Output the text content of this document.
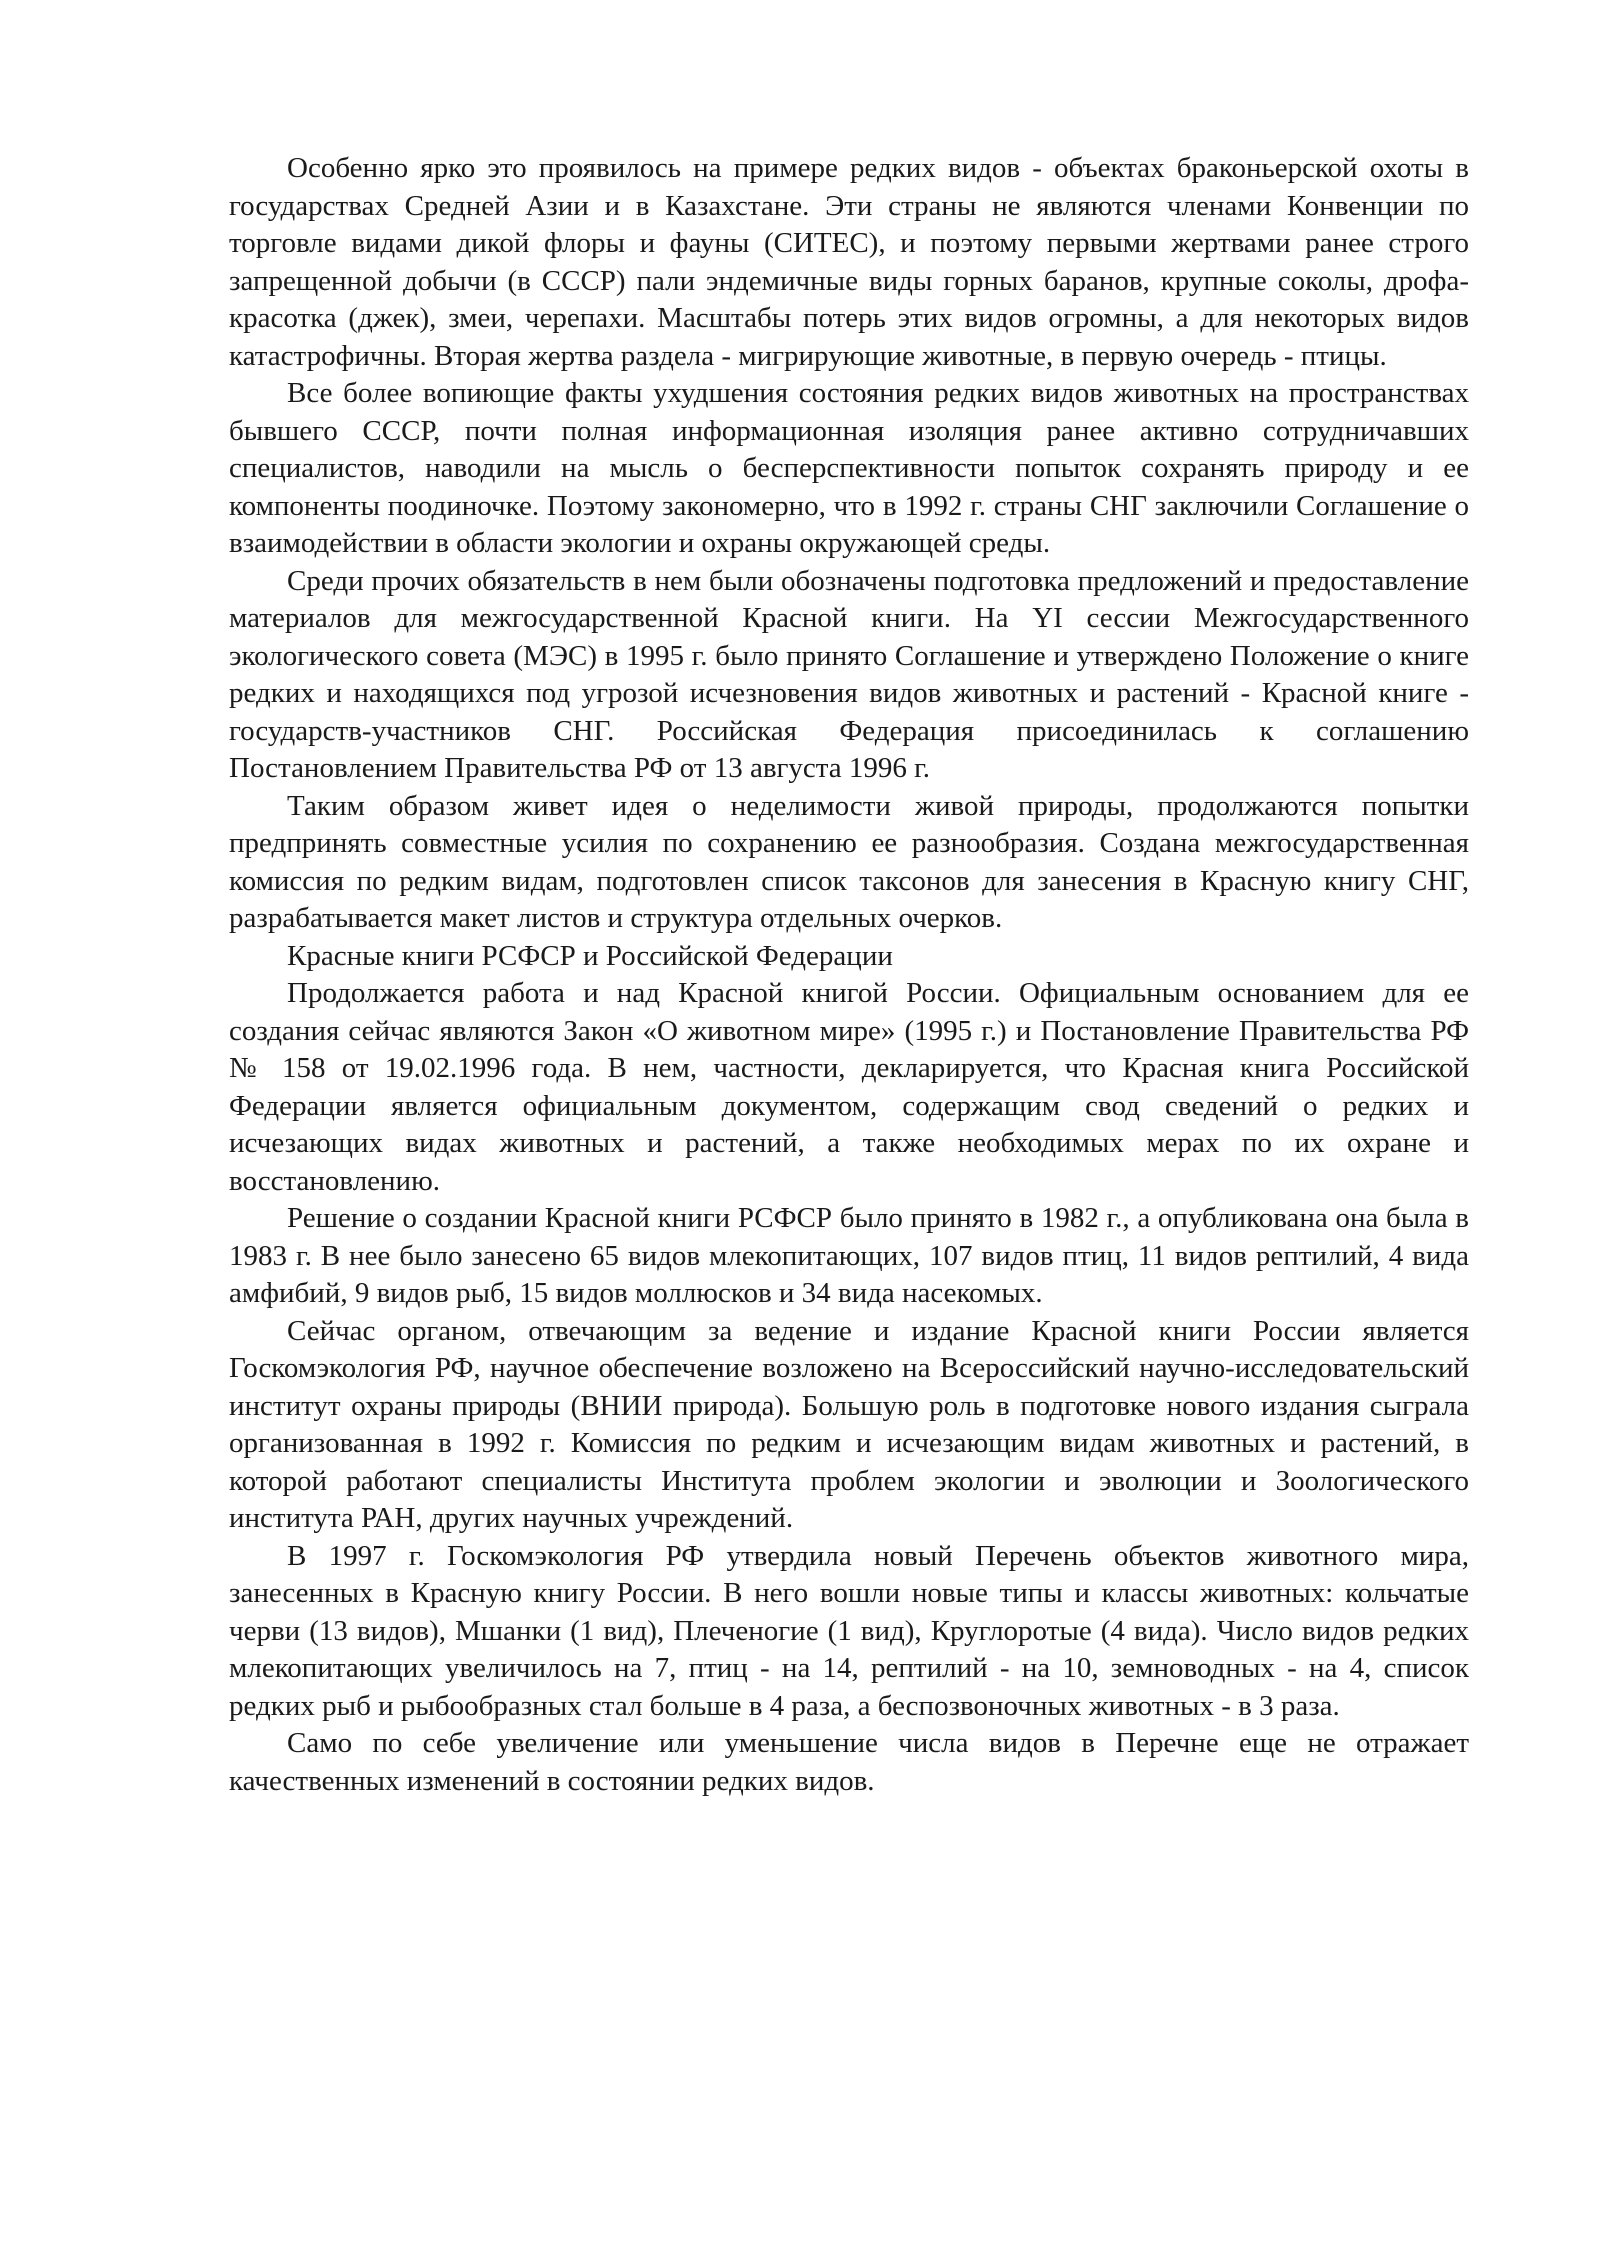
Особенно ярко это проявилось на примере редких видов - объектах браконьерской охоты в государствах Средней Азии и в Казахстане. Эти страны не являются членами Конвенции по торговле видами дикой флоры и фауны (СИТЕС), и поэтому первыми жертвами ранее строго запрещенной добычи (в СССР) пали эндемичные виды горных баранов, крупные соколы, дрофа-красотка (джек), змеи, черепахи. Масштабы потерь этих видов огромны, а для некоторых видов катастрофичны. Вторая жертва раздела - мигрирующие животные, в первую очередь - птицы.

Все более вопиющие факты ухудшения состояния редких видов животных на пространствах бывшего СССР, почти полная информационная изоляция ранее активно сотрудничавших специалистов, наводили на мысль о бесперспективности попыток сохранять природу и ее компоненты поодиночке. Поэтому закономерно, что в 1992 г. страны СНГ заключили Соглашение о взаимодействии в области экологии и охраны окружающей среды.

Среди прочих обязательств в нем были обозначены подготовка предложений и предоставление материалов для межгосударственной Красной книги. На YI сессии Межгосударственного экологического совета (МЭС) в 1995 г. было принято Соглашение и утверждено Положение о книге редких и находящихся под угрозой исчезновения видов животных и растений - Красной книге - государств-участников СНГ. Российская Федерация присоединилась к соглашению Постановлением Правительства РФ от 13 августа 1996 г.

Таким образом живет идея о неделимости живой природы, продолжаются попытки предпринять совместные усилия по сохранению ее разнообразия. Создана межгосударственная комиссия по редким видам, подготовлен список таксонов для занесения в Красную книгу СНГ, разрабатывается макет листов и структура отдельных очерков.

Красные книги РСФСР и Российской Федерации

Продолжается работа и над Красной книгой России. Официальным основанием для ее создания сейчас являются Закон «О животном мире» (1995 г.) и Постановление Правительства РФ № 158 от 19.02.1996 года. В нем, частности, декларируется, что Красная книга Российской Федерации является официальным документом, содержащим свод сведений о редких и исчезающих видах животных и растений, а также необходимых мерах по их охране и восстановлению.

Решение о создании Красной книги РСФСР было принято в 1982 г., а опубликована она была в 1983 г. В нее было занесено 65 видов млекопитающих, 107 видов птиц, 11 видов рептилий, 4 вида амфибий, 9 видов рыб, 15 видов моллюсков и 34 вида насекомых.

Сейчас органом, отвечающим за ведение и издание Красной книги России является Госкомэкология РФ, научное обеспечение возложено на Всероссийский научно-исследовательский институт охраны природы (ВНИИ природа). Большую роль в подготовке нового издания сыграла организованная в 1992 г. Комиссия по редким и исчезающим видам животных и растений, в которой работают специалисты Института проблем экологии и эволюции и Зоологического института РАН, других научных учреждений.

В 1997 г. Госкомэкология РФ утвердила новый Перечень объектов животного мира, занесенных в Красную книгу России. В него вошли новые типы и классы животных: кольчатые черви (13 видов), Мшанки (1 вид), Плеченогие (1 вид), Круглоротые (4 вида). Число видов редких млекопитающих увеличилось на 7, птиц - на 14, рептилий - на 10, земноводных - на 4, список редких рыб и рыбообразных стал больше в 4 раза, а беспозвоночных животных - в 3 раза.

Само по себе увеличение или уменьшение числа видов в Перечне еще не отражает качественных изменений в состоянии редких видов.
